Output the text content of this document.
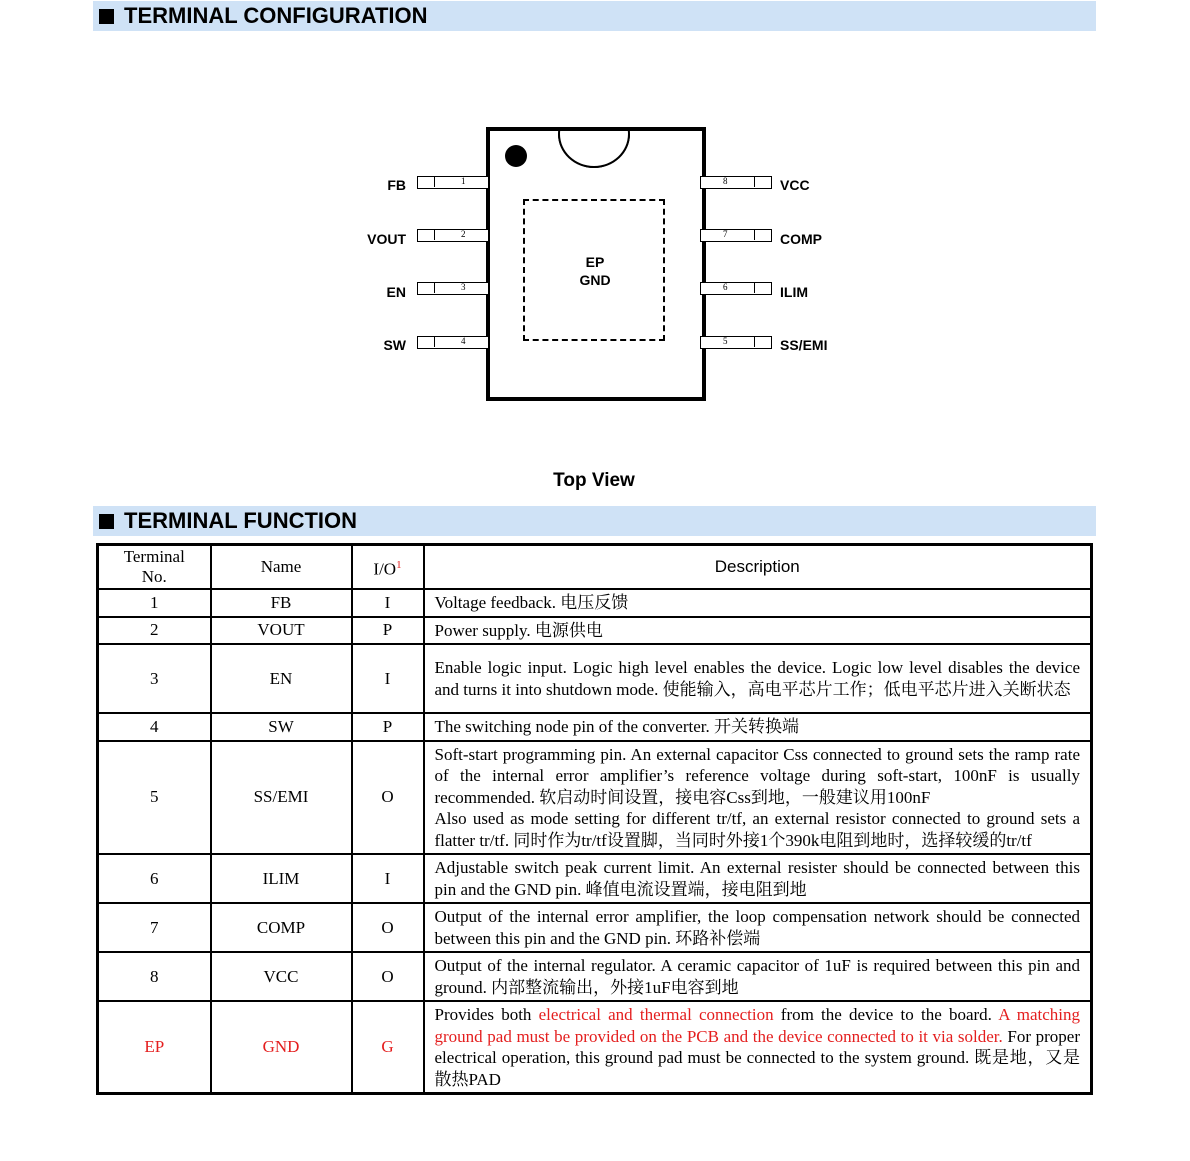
TERMINAL CONFIGURATION
EP
GND
1
FB
2
VOUT
3
EN
4
SW
8	VCC
7	COMP
6	ILIM
5	SS/EMI
Top View
TERMINAL FUNCTION
Terminal
No.	Name	$I/O^1$	Description
1	FB	I	Voltage feedback. 电压反馈
2	VOUT	P	Power supply. 电源供电
3	EN	I	Enable logic input. Logic high level enables the device. Logic low level disables the device and turns it into shutdown mode. 使能输入，高电平芯片工作；低电平芯片进入关断状态
4	SW	P	The switching node pin of the converter. 开关转换端
5	SS/EMI	O	Soft-start programming pin. An external capacitor Css connected to ground sets the ramp rate of the internal error amplifier’s reference voltage during soft-start, 100nF is usually recommended. 软启动时间设置，接电容Css到地，一般建议用100nF
Also used as mode setting for different tr/tf, an external resistor connected to ground sets a flatter tr/tf. 同时作为tr/tf设置脚，当同时外接1个390k电阻到地时，选择较缓的tr/tf

6	ILIM	I	Adjustable switch peak current limit. An external resister should be connected between this pin and the GND pin. 峰值电流设置端，接电阻到地
7	COMP	O	Output of the internal error amplifier, the loop compensation network should be connected between this pin and the GND pin. 环路补偿端
8	VCC	O	Output of the internal regulator. A ceramic capacitor of 1uF is required between this pin and ground. 内部整流输出，外接1uF电容到地
EP	GND	G	Provides both electrical and thermal connection from the device to the board. A matching ground pad must be provided on the PCB and the device connected to it via solder. For proper electrical operation, this ground pad must be connected to the system ground. 既是地，又是散热PAD
